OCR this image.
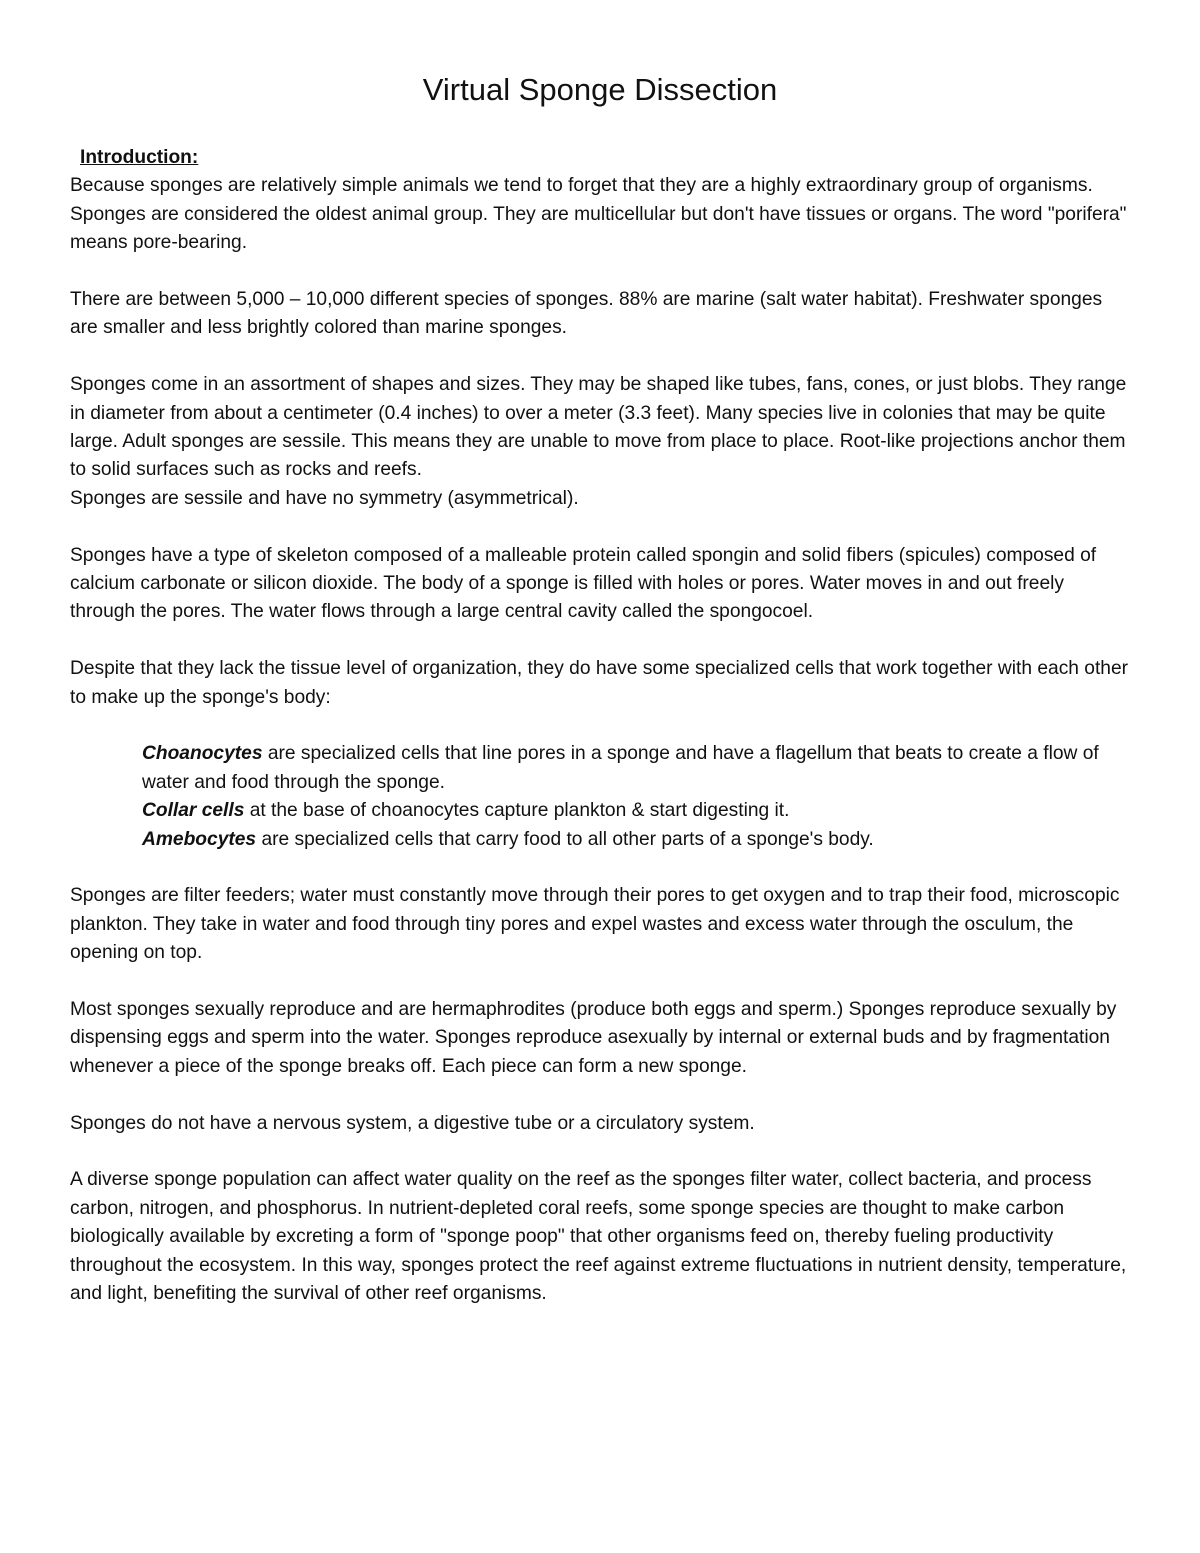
Virtual Sponge Dissection
Introduction:

Because sponges are relatively simple animals we tend to forget that they are a highly extraordinary group of organisms. Sponges are considered the oldest animal group. They are multicellular but don't have tissues or organs. The word "porifera" means pore-bearing.

There are between 5,000 – 10,000 different species of sponges. 88% are marine (salt water habitat). Freshwater sponges are smaller and less brightly colored than marine sponges.

Sponges come in an assortment of shapes and sizes. They may be shaped like tubes, fans, cones, or just blobs. They range in diameter from about a centimeter (0.4 inches) to over a meter (3.3 feet). Many species live in colonies that may be quite large. Adult sponges are sessile. This means they are unable to move from place to place. Root-like projections anchor them to solid surfaces such as rocks and reefs.

Sponges are sessile and have no symmetry (asymmetrical).

Sponges have a type of skeleton composed of a malleable protein called spongin and solid fibers (spicules) composed of calcium carbonate or silicon dioxide. The body of a sponge is filled with holes or pores. Water moves in and out freely through the pores. The water flows through a large central cavity called the spongocoel.

Despite that they lack the tissue level of organization, they do have some specialized cells that work together with each other to make up the sponge's body:

Choanocytes are specialized cells that line pores in a sponge and have a flagellum that beats to create a flow of water and food through the sponge.

Collar cells at the base of choanocytes capture plankton & start digesting it.

Amebocytes are specialized cells that carry food to all other parts of a sponge's body.

Sponges are filter feeders; water must constantly move through their pores to get oxygen and to trap their food, microscopic plankton. They take in water and food through tiny pores and expel wastes and excess water through the osculum, the opening on top.

Most sponges sexually reproduce and are hermaphrodites (produce both eggs and sperm.) Sponges reproduce sexually by dispensing eggs and sperm into the water. Sponges reproduce asexually by internal or external buds and by fragmentation whenever a piece of the sponge breaks off. Each piece can form a new sponge.

Sponges do not have a nervous system, a digestive tube or a circulatory system.

A diverse sponge population can affect water quality on the reef as the sponges filter water, collect bacteria, and process carbon, nitrogen, and phosphorus. In nutrient-depleted coral reefs, some sponge species are thought to make carbon biologically available by excreting a form of "sponge poop" that other organisms feed on, thereby fueling productivity throughout the ecosystem. In this way, sponges protect the reef against extreme fluctuations in nutrient density, temperature, and light, benefiting the survival of other reef organisms.
